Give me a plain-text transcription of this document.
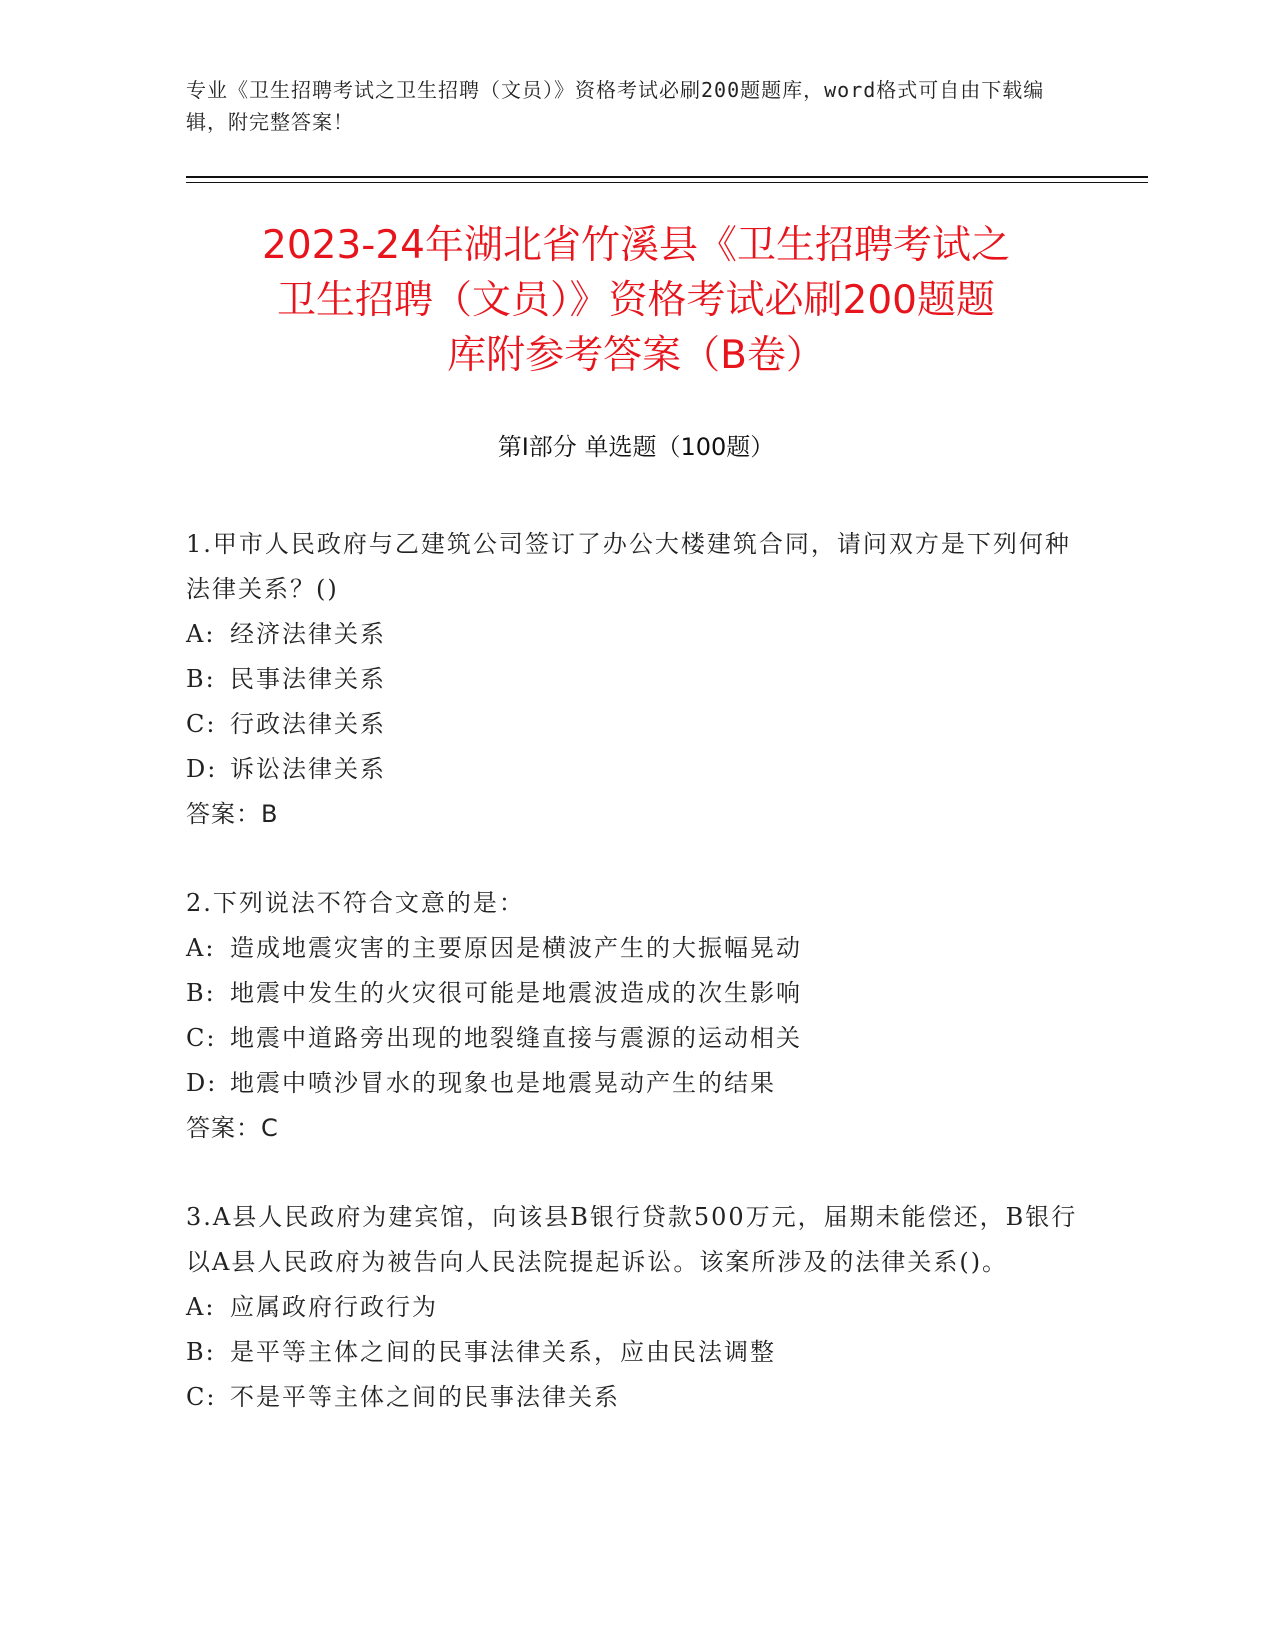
专业《卫生招聘考试之卫生招聘（文员）》资格考试必刷200题题库，word格式可自由下载编辑，附完整答案！
2023-24年湖北省竹溪县《卫生招聘考试之
卫生招聘（文员）》资格考试必刷200题题
库附参考答案（B卷）
第Ⅰ部分 单选题（100题）

1.甲市人民政府与乙建筑公司签订了办公大楼建筑合同，请问双方是下列何种法律关系？()

A: 经济法律关系

B: 民事法律关系

C: 行政法律关系

D: 诉讼法律关系

答案：B

2.下列说法不符合文意的是：

A: 造成地震灾害的主要原因是横波产生的大振幅晃动

B: 地震中发生的火灾很可能是地震波造成的次生影响

C: 地震中道路旁出现的地裂缝直接与震源的运动相关

D: 地震中喷沙冒水的现象也是地震晃动产生的结果

答案：C

3.A县人民政府为建宾馆，向该县B银行贷款500万元，届期未能偿还，B银行以A县人民政府为被告向人民法院提起诉讼。该案所涉及的法律关系()。

A: 应属政府行政行为

B: 是平等主体之间的民事法律关系，应由民法调整

C: 不是平等主体之间的民事法律关系
